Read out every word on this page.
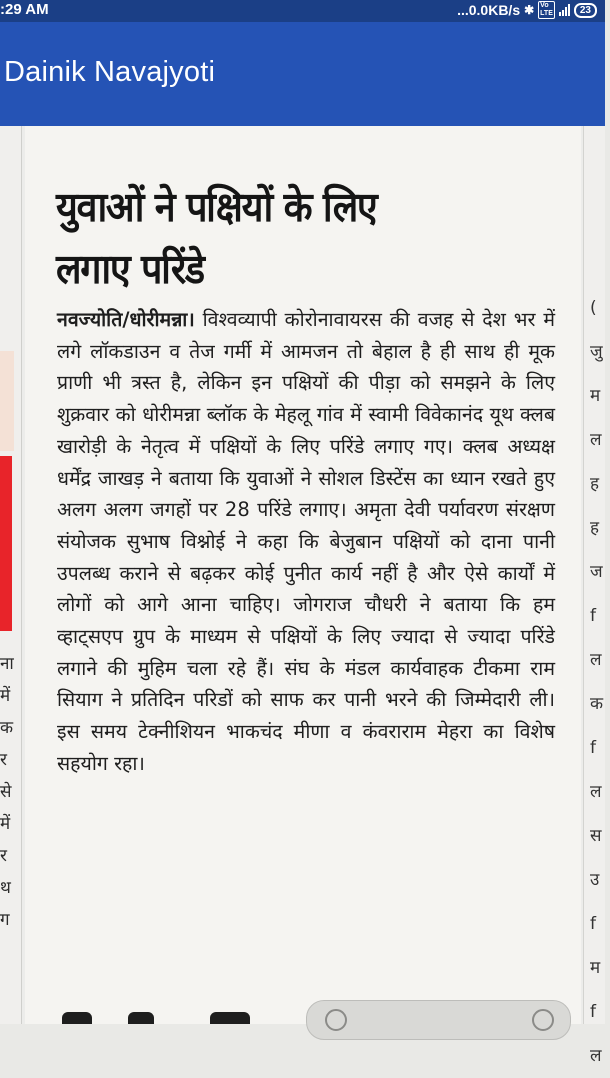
:29 AM	...0.0KB/s ✱ Vo
LTE	23
Dainik Navajyoti
ना
में
क
र
से
में
र
थ
ग
युवाओं ने पक्षियों के लिए
लगाए परिंडे
नवज्योति/धोरीमन्ना। विश्वव्यापी कोरोनावायरस की वजह से देश भर में लगे लॉकडाउन व तेज गर्मी में आमजन तो बेहाल है ही साथ ही मूक प्राणी भी त्रस्त है, लेकिन इन पक्षियों की पीड़ा को समझने के लिए शुक्रवार को धोरीमन्ना ब्लॉक के मेहलू गांव में स्वामी विवेकानंद यूथ क्लब खारोड़ी के नेतृत्व में पक्षियों के लिए परिंडे लगाए गए। क्लब अध्यक्ष धर्मेंद्र जाखड़ ने बताया कि युवाओं ने सोशल डिस्टेंस का ध्यान रखते हुए अलग अलग जगहों पर 28 परिंडे लगाए। अमृता देवी पर्यावरण संरक्षण संयोजक सुभाष विश्नोई ने कहा कि बेजुबान पक्षियों को दाना पानी उपलब्ध कराने से बढ़कर कोई पुनीत कार्य नहीं है और ऐसे कार्यों में लोगों को आगे आना चाहिए। जोगराज चौधरी ने बताया कि हम व्हाट्सएप ग्रुप के माध्यम से पक्षियों के लिए ज्यादा से ज्यादा परिंडे लगाने की मुहिम चला रहे हैं। संघ के मंडल कार्यवाहक टीकमा राम सियाग ने प्रतिदिन परिडों को साफ कर पानी भरने की जिम्मेदारी ली। इस समय टेक्नीशियन भाकचंद मीणा व कंवराराम मेहरा का विशेष सहयोग रहा।
(
जु
म
ल
ह
ह
ज
f
ल
क
f
ल
स
उ
f
म
f
ल
